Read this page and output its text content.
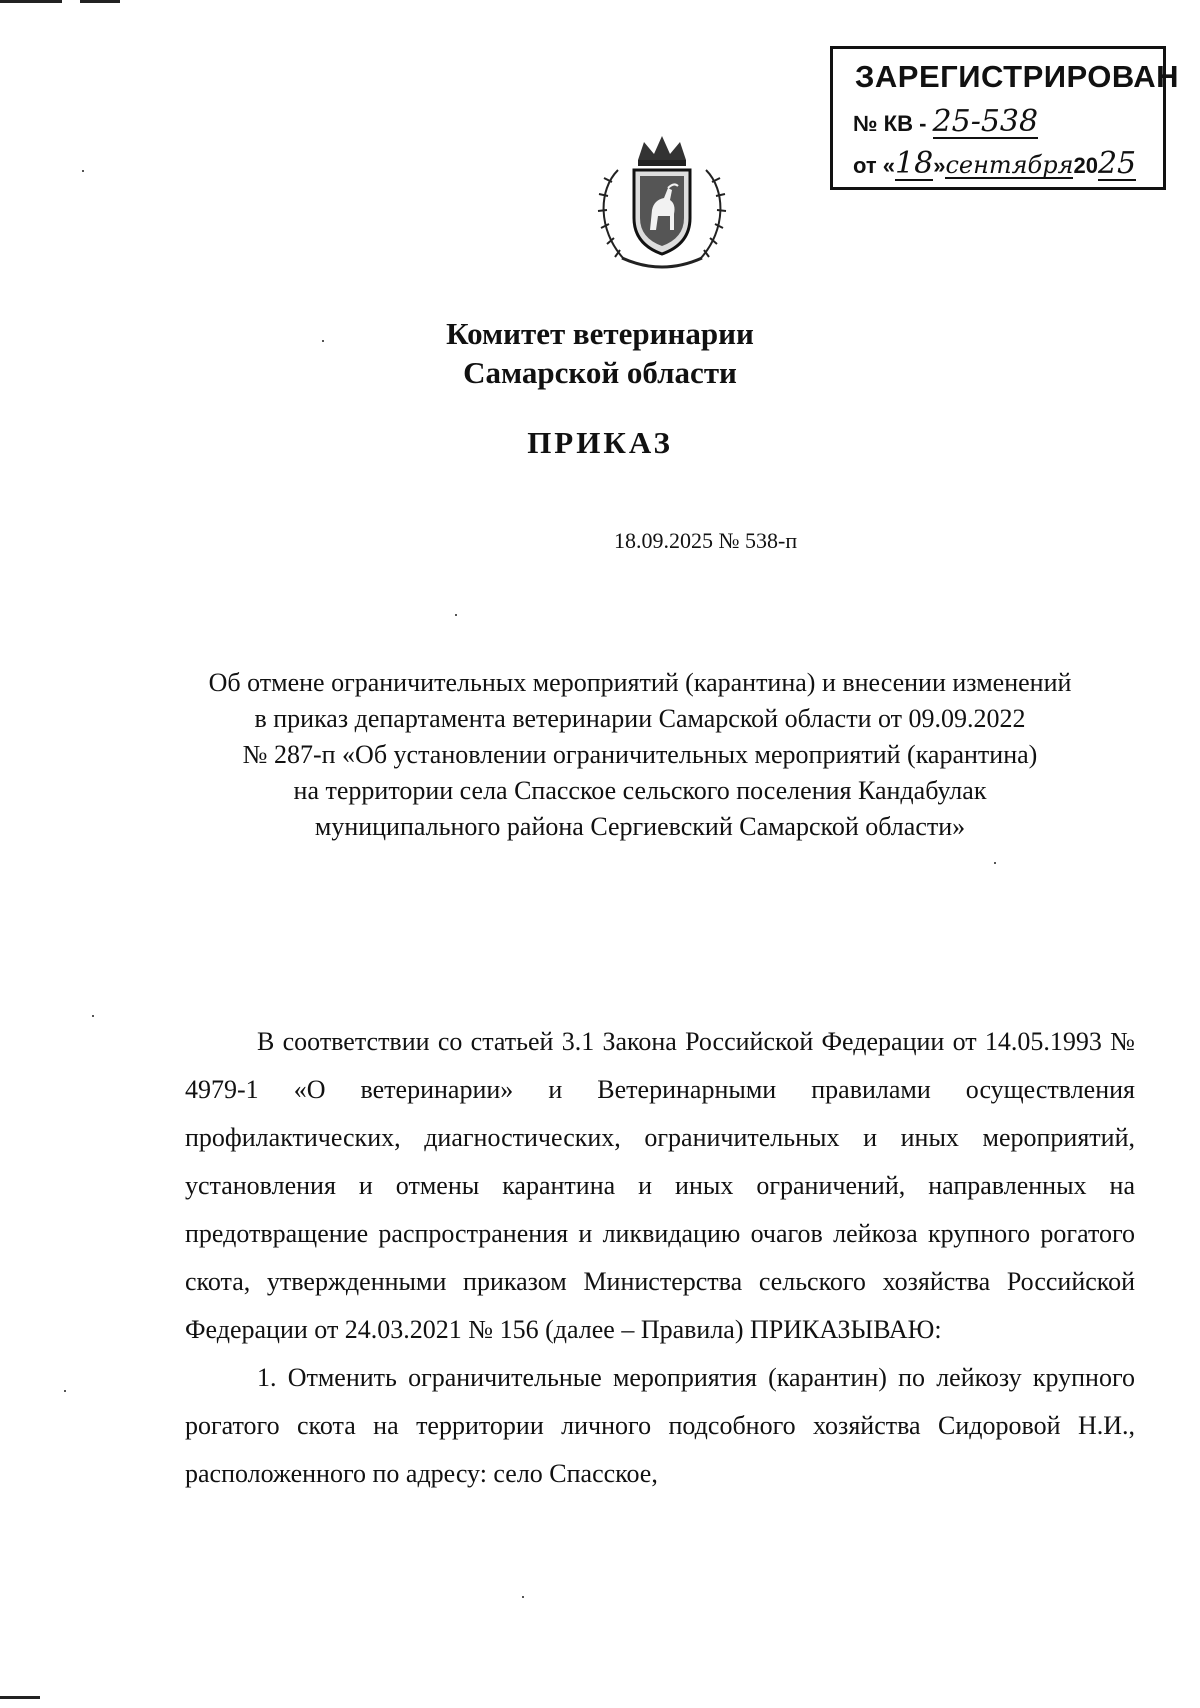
ЗАРЕГИСТРИРОВАН
№ КВ - 25-538
от «18»сентября2025
Комитет ветеринарии
Самарской области
ПРИКАЗ
18.09.2025 № 538-п
Об отмене ограничительных мероприятий (карантина) и внесении изменений
в приказ департамента ветеринарии Самарской области от 09.09.2022
№ 287-п «Об установлении ограничительных мероприятий (карантина)
на территории села Спасское сельского поселения Кандабулак
муниципального района Сергиевский Самарской области»

В соответствии со статьей 3.1 Закона Российской Федерации от 14.05.1993 № 4979-1 «О ветеринарии» и Ветеринарными правилами осуществления профилактических, диагностических, ограничительных и иных мероприятий, установления и отмены карантина и иных ограничений, направленных на предотвращение распространения и ликвидацию очагов лейкоза крупного рогатого скота, утвержденными приказом Министерства сельского хозяйства Российской Федерации от 24.03.2021 № 156 (далее – Правила) ПРИКАЗЫВАЮ:

1. Отменить ограничительные мероприятия (карантин) по лейкозу крупного рогатого скота на территории личного подсобного хозяйства Сидоровой Н.И., расположенного по адресу: село Спасское,
